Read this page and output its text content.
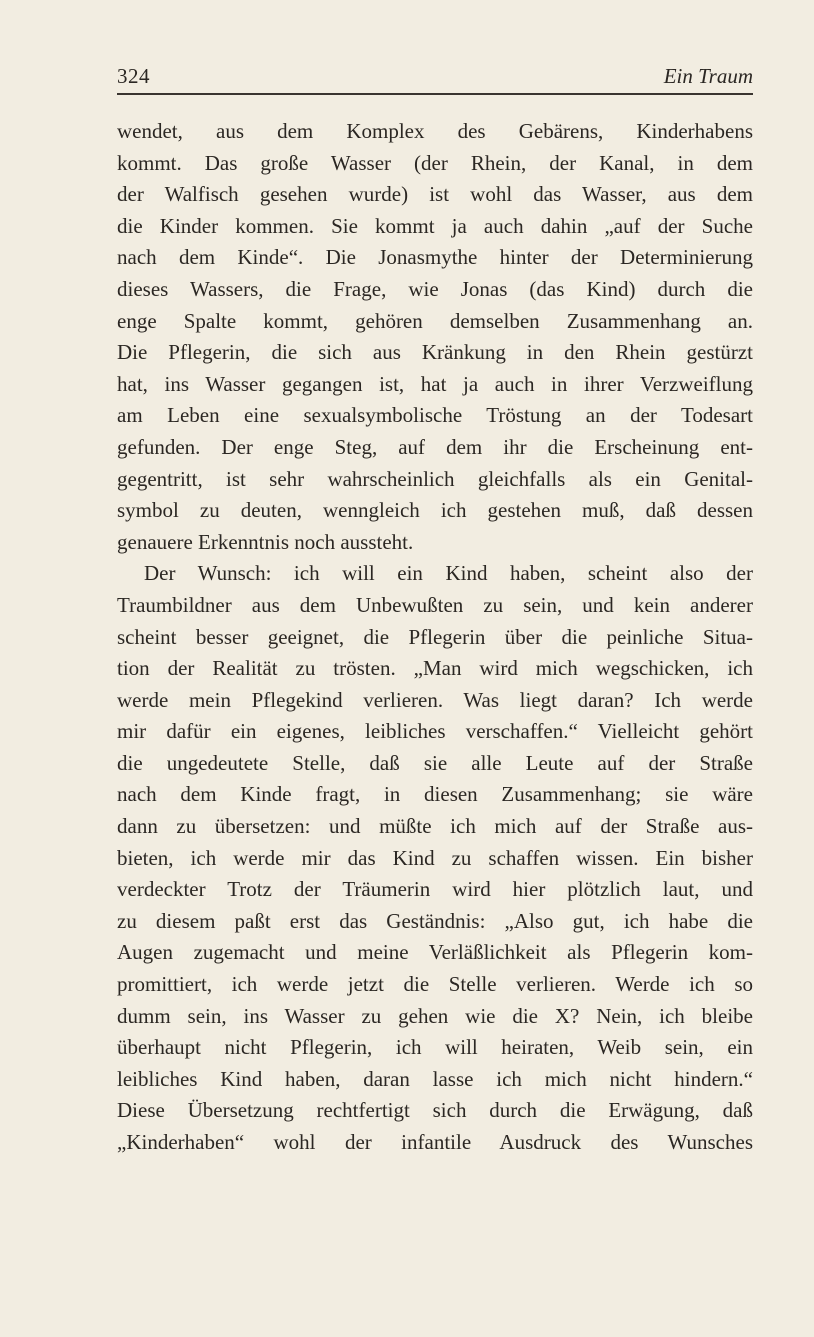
324	Ein Traum
wendet, aus dem Komplex des Gebärens, Kinderhabens
kommt. Das große Wasser (der Rhein, der Kanal, in dem
der Walfisch gesehen wurde) ist wohl das Wasser, aus dem
die Kinder kommen. Sie kommt ja auch dahin „auf der Suche
nach dem Kinde“. Die Jonasmythe hinter der Determinierung
dieses Wassers, die Frage, wie Jonas (das Kind) durch die
enge Spalte kommt, gehören demselben Zusammenhang an.
Die Pflegerin, die sich aus Kränkung in den Rhein gestürzt
hat, ins Wasser gegangen ist, hat ja auch in ihrer Verzweiflung
am Leben eine sexualsymbolische Tröstung an der Todesart
gefunden. Der enge Steg, auf dem ihr die Erscheinung ent-
gegentritt, ist sehr wahrscheinlich gleichfalls als ein Genital-
symbol zu deuten, wenngleich ich gestehen muß, daß dessen
genauere Erkenntnis noch aussteht.
Der Wunsch: ich will ein Kind haben, scheint also der
Traumbildner aus dem Unbewußten zu sein, und kein anderer
scheint besser geeignet, die Pflegerin über die peinliche Situa-
tion der Realität zu trösten. „Man wird mich wegschicken, ich
werde mein Pflegekind verlieren. Was liegt daran? Ich werde
mir dafür ein eigenes, leibliches verschaffen.“ Vielleicht gehört
die ungedeutete Stelle, daß sie alle Leute auf der Straße
nach dem Kinde fragt, in diesen Zusammenhang; sie wäre
dann zu übersetzen: und müßte ich mich auf der Straße aus-
bieten, ich werde mir das Kind zu schaffen wissen. Ein bisher
verdeckter Trotz der Träumerin wird hier plötzlich laut, und
zu diesem paßt erst das Geständnis: „Also gut, ich habe die
Augen zugemacht und meine Verläßlichkeit als Pflegerin kom-
promittiert, ich werde jetzt die Stelle verlieren. Werde ich so
dumm sein, ins Wasser zu gehen wie die X? Nein, ich bleibe
überhaupt nicht Pflegerin, ich will heiraten, Weib sein, ein
leibliches Kind haben, daran lasse ich mich nicht hindern.“
Diese Übersetzung rechtfertigt sich durch die Erwägung, daß
„Kinderhaben“ wohl der infantile Ausdruck des Wunsches
